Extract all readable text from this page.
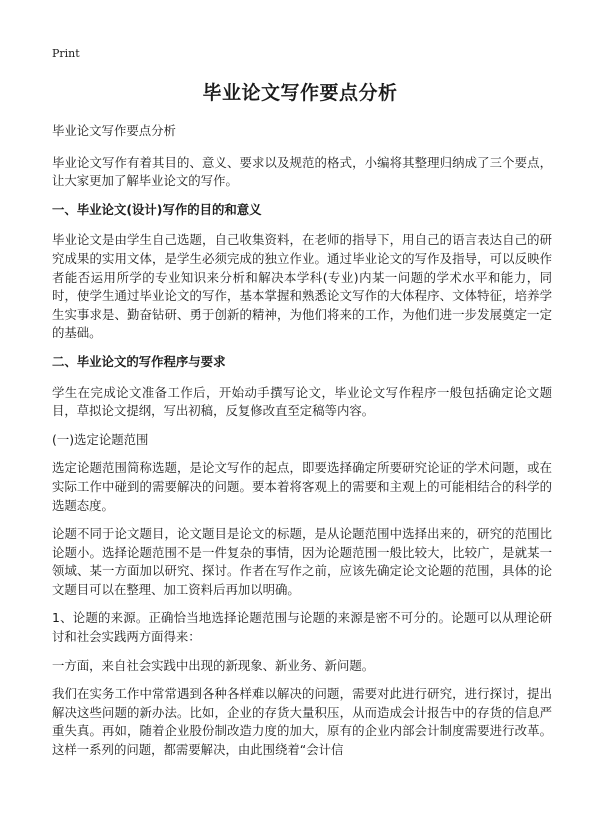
Print
毕业论文写作要点分析

毕业论文写作要点分析

毕业论文写作有着其目的、意义、要求以及规范的格式，小编将其整理归纳成了三个要点，让大家更加了解毕业论文的写作。

一、毕业论文(设计)写作的目的和意义

毕业论文是由学生自己选题，自己收集资料，在老师的指导下，用自己的语言表达自己的研究成果的实用文体，是学生必须完成的独立作业。通过毕业论文的写作及指导，可以反映作者能否运用所学的专业知识来分析和解决本学科(专业)内某一问题的学术水平和能力，同时，使学生通过毕业论文的写作，基本掌握和熟悉论文写作的大体程序、文体特征，培养学生实事求是、勤奋钻研、勇于创新的精神，为他们将来的工作，为他们进一步发展奠定一定的基础。

二、毕业论文的写作程序与要求

学生在完成论文准备工作后，开始动手撰写论文，毕业论文写作程序一般包括确定论文题目，草拟论文提纲，写出初稿，反复修改直至定稿等内容。

(一)选定论题范围

选定论题范围简称选题，是论文写作的起点，即要选择确定所要研究论证的学术问题，或在实际工作中碰到的需要解决的问题。要本着将客观上的需要和主观上的可能相结合的科学的选题态度。

论题不同于论文题目，论文题目是论文的标题，是从论题范围中选择出来的，研究的范围比论题小。选择论题范围不是一件复杂的事情，因为论题范围一般比较大，比较广，是就某一领域、某一方面加以研究、探讨。作者在写作之前，应该先确定论文论题的范围，具体的论文题目可以在整理、加工资料后再加以明确。

1、论题的来源。正确恰当地选择论题范围与论题的来源是密不可分的。论题可以从理论研讨和社会实践两方面得来：

一方面，来自社会实践中出现的新现象、新业务、新问题。

我们在实务工作中常常遇到各种各样难以解决的问题，需要对此进行研究，进行探讨，提出解决这些问题的新办法。比如，企业的存货大量积压，从而造成会计报告中的存货的信息严重失真。再如，随着企业股份制改造力度的加大，原有的企业内部会计制度需要进行改革。这样一系列的问题，都需要解决，由此围绕着“会计信
